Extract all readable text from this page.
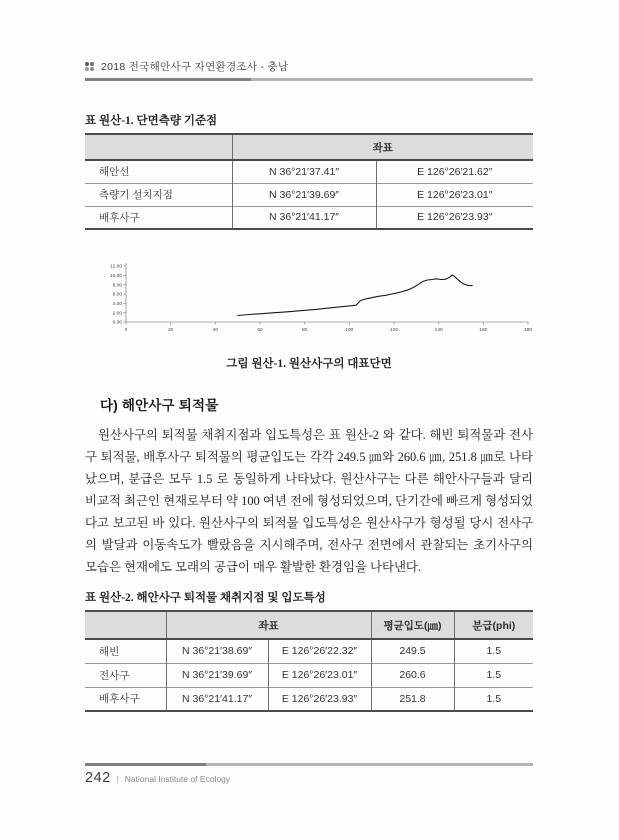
2018 전국해안사구 자연환경조사 - 충남
표 원산-1. 단면측량 기준점
	좌표	
해안선	N 36°21′37.41″	E 126°26′21.62″
측량기 설치지점	N 36°21′39.69″	E 126°26′23.01″
배후사구	N 36°21′41.17″	E 126°26′23.93″
0.00
2.00
4.00
6.00
8.00
10.00
12.00
0	20	40	60	80	100	120	140	160	180
그림 원산-1. 원산사구의 대표단면
다) 해안사구 퇴적물
원산사구의 퇴적물 채취지점과 입도특성은 표 원산-2 와 같다. 해빈 퇴적물과 전사구 퇴적물, 배후사구 퇴적물의 평균입도는 각각 249.5 ㎛와 260.6 ㎛, 251.8 ㎛로 나타났으며, 분급은 모두 1.5 로 동일하게 나타났다. 원산사구는 다른 해안사구들과 달리 비교적 최근인 현재로부터 약 100 여년 전에 형성되었으며, 단기간에 빠르게 형성되었다고 보고된 바 있다. 원산사구의 퇴적물 입도특성은 원산사구가 형성될 당시 전사구의 발달과 이동속도가 빨랐음을 지시해주며, 전사구 전면에서 관찰되는 초기사구의 모습은 현재에도 모래의 공급이 매우 활발한 환경임을 나타낸다.
표 원산-2. 해안사구 퇴적물 채취지점 및 입도특성
	좌표		평균입도(㎛)	분급(phi)
해빈	N 36°21′38.69″	E 126°26′22.32″	249.5	1.5
전사구	N 36°21′39.69″	E 126°26′23.01″	260.6	1.5
배후사구	N 36°21′41.17″	E 126°26′23.93″	251.8	1.5
242 | National Institute of Ecology
